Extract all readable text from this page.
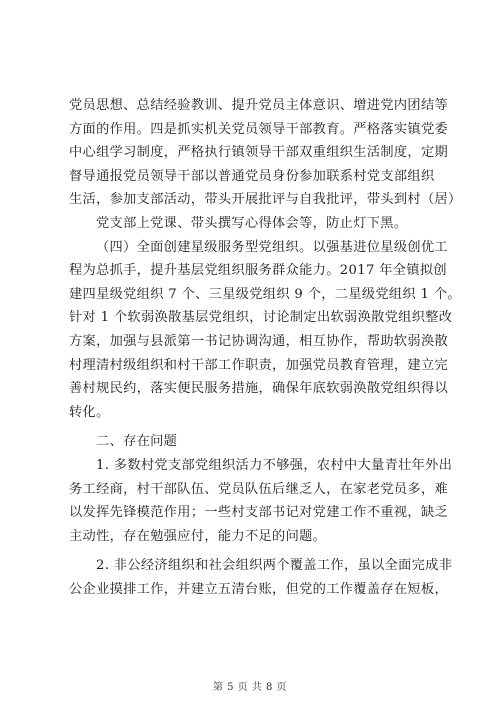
党员思想、总结经验教训、提升党员主体意识、增进党内团结等
方面的作用。四是抓实机关党员领导干部教育。严格落实镇党委
中心组学习制度，严格执行镇领导干部双重组织生活制度，定期
督导通报党员领导干部以普通党员身份参加联系村党支部组织
生活，参加支部活动，带头开展批评与自我批评，带头到村（居）
党支部上党课、带头撰写心得体会等，防止灯下黑。
（四）全面创建星级服务型党组织。以强基进位星级创优工
程为总抓手，提升基层党组织服务群众能力。2017 年全镇拟创
建四星级党组织 7 个、三星级党组织 9 个，二星级党组织 1 个。
针对 1 个软弱涣散基层党组织，讨论制定出软弱涣散党组织整改
方案，加强与县派第一书记协调沟通，相互协作，帮助软弱涣散
村理清村级组织和村干部工作职责，加强党员教育管理，建立完
善村规民约，落实便民服务措施，确保年底软弱涣散党组织得以
转化。
二、存在问题
1. 多数村党支部党组织活力不够强，农村中大量青壮年外出
务工经商，村干部队伍、党员队伍后继乏人，在家老党员多，难
以发挥先锋模范作用；一些村支部书记对党建工作不重视，缺乏
主动性，存在勉强应付，能力不足的问题。
2. 非公经济组织和社会组织两个覆盖工作，虽以全面完成非
公企业摸排工作，并建立五清台账，但党的工作覆盖存在短板，
第 5 页 共 8 页
